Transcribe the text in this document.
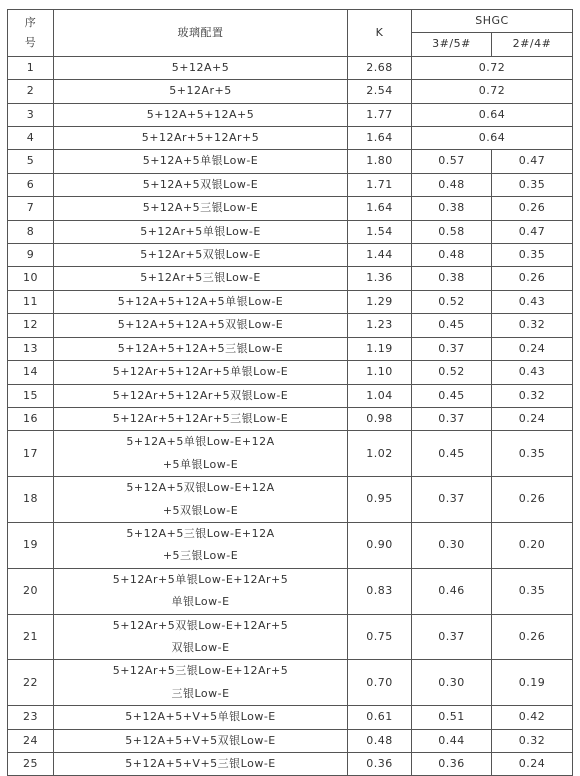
序
号	玻璃配置	K	SHGC	
			3#/5#	2#/4#
1	5+12A+5	2.68	0.72	
2	5+12Ar+5	2.54	0.72	
3	5+12A+5+12A+5	1.77	0.64	
4	5+12Ar+5+12Ar+5	1.64	0.64	
5	5+12A+5单银Low-E	1.80	0.57	0.47
6	5+12A+5双银Low-E	1.71	0.48	0.35
7	5+12A+5三银Low-E	1.64	0.38	0.26
8	5+12Ar+5单银Low-E	1.54	0.58	0.47
9	5+12Ar+5双银Low-E	1.44	0.48	0.35
10	5+12Ar+5三银Low-E	1.36	0.38	0.26
11	5+12A+5+12A+5单银Low-E	1.29	0.52	0.43
12	5+12A+5+12A+5双银Low-E	1.23	0.45	0.32
13	5+12A+5+12A+5三银Low-E	1.19	0.37	0.24
14	5+12Ar+5+12Ar+5单银Low-E	1.10	0.52	0.43
15	5+12Ar+5+12Ar+5双银Low-E	1.04	0.45	0.32
16	5+12Ar+5+12Ar+5三银Low-E	0.98	0.37	0.24
17	5+12A+5单银Low-E+12A
+5单银Low-E	1.02	0.45	0.35
18	5+12A+5双银Low-E+12A
+5双银Low-E	0.95	0.37	0.26
19	5+12A+5三银Low-E+12A
+5三银Low-E	0.90	0.30	0.20
20	5+12Ar+5单银Low-E+12Ar+5
单银Low-E	0.83	0.46	0.35
21	5+12Ar+5双银Low-E+12Ar+5
双银Low-E	0.75	0.37	0.26
22	5+12Ar+5三银Low-E+12Ar+5
三银Low-E	0.70	0.30	0.19
23	5+12A+5+V+5单银Low-E	0.61	0.51	0.42
24	5+12A+5+V+5双银Low-E	0.48	0.44	0.32
25	5+12A+5+V+5三银Low-E	0.36	0.36	0.24
